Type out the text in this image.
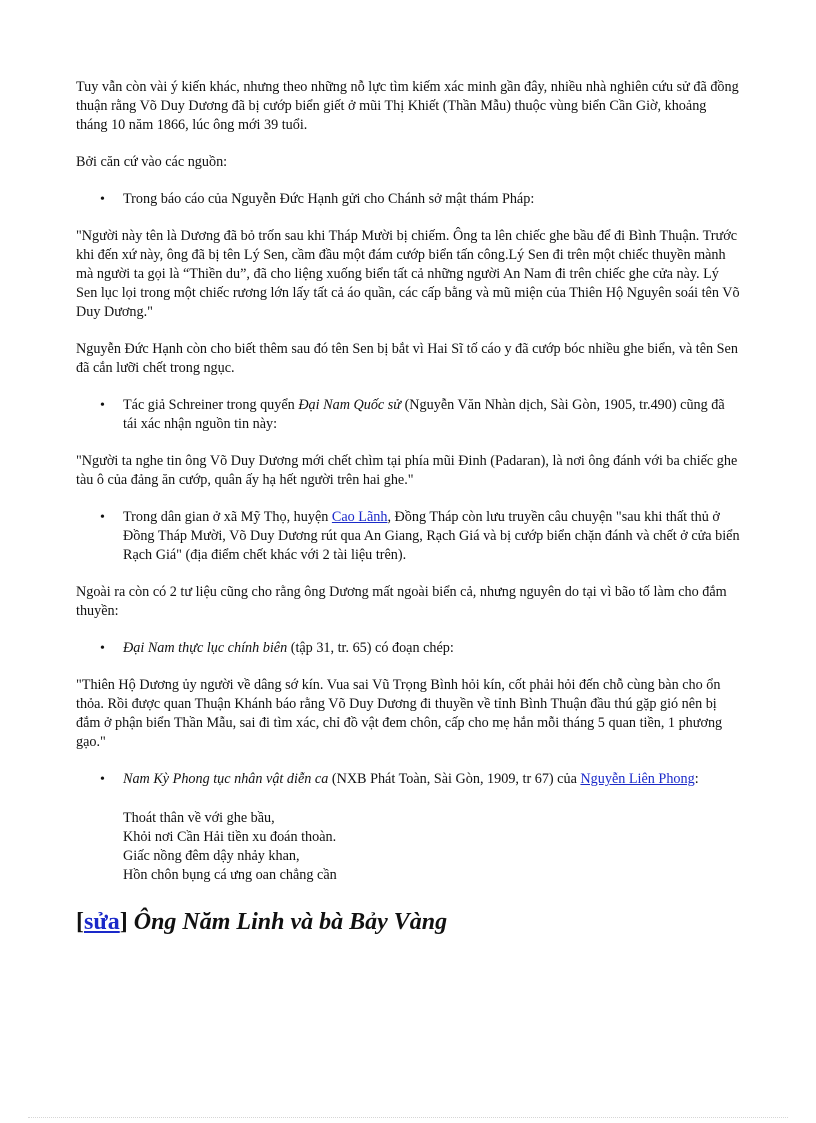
Tuy vẫn còn vài ý kiến khác, nhưng theo những nỗ lực tìm kiếm xác minh gần đây, nhiều nhà nghiên cứu sử đã đồng thuận rằng Võ Duy Dương đã bị cướp biển giết ở mũi Thị Khiết (Thần Mẫu) thuộc vùng biển Cần Giờ, khoảng tháng 10 năm 1866, lúc ông mới 39 tuổi.

Bởi căn cứ vào các nguồn:

• Trong báo cáo của Nguyễn Đức Hạnh gửi cho Chánh sở mật thám Pháp:

"Người này tên là Dương đã bỏ trốn sau khi Tháp Mười bị chiếm. Ông ta lên chiếc ghe bầu để đi Bình Thuận. Trước khi đến xứ này, ông đã bị tên Lý Sen, cầm đầu một đám cướp biển tấn công.Lý Sen đi trên một chiếc thuyền mành mà người ta gọi là “Thiền du”, đã cho liệng xuống biển tất cả những người An Nam đi trên chiếc ghe cửa này. Lý Sen lục lọi trong một chiếc rương lớn lấy tất cả áo quần, các cấp bằng và mũ miện của Thiên Hộ Nguyên soái tên Võ Duy Dương."

Nguyễn Đức Hạnh còn cho biết thêm sau đó tên Sen bị bắt vì Hai Sĩ tố cáo y đã cướp bóc nhiều ghe biển, và tên Sen đã cắn lưỡi chết trong ngục.

• Tác giả Schreiner trong quyển Đại Nam Quốc sử (Nguyễn Văn Nhàn dịch, Sài Gòn, 1905, tr.490) cũng đã tái xác nhận nguồn tin này:

"Người ta nghe tin ông Võ Duy Dương mới chết chìm tại phía mũi Đinh (Padaran), là nơi ông đánh với ba chiếc ghe tàu ô của đảng ăn cướp, quân ấy hạ hết người trên hai ghe."

• Trong dân gian ở xã Mỹ Thọ, huyện Cao Lãnh, Đồng Tháp còn lưu truyền câu chuyện "sau khi thất thủ ở Đồng Tháp Mười, Võ Duy Dương rút qua An Giang, Rạch Giá và bị cướp biển chặn đánh và chết ở cửa biển Rạch Giá" (địa điểm chết khác với 2 tài liệu trên).

Ngoài ra còn có 2 tư liệu cũng cho rằng ông Dương mất ngoài biển cả, nhưng nguyên do tại vì bão tố làm cho đắm thuyền:

• Đại Nam thực lục chính biên (tập 31, tr. 65) có đoạn chép:

"Thiên Hộ Dương ủy người về dâng sớ kín. Vua sai Vũ Trọng Bình hỏi kín, cốt phải hỏi đến chỗ cùng bàn cho ổn thỏa. Rồi được quan Thuận Khánh báo rằng Võ Duy Dương đi thuyền về tỉnh Bình Thuận đầu thú gặp gió nên bị đắm ở phận biển Thần Mẫu, sai đi tìm xác, chỉ đồ vật đem chôn, cấp cho mẹ hắn mỗi tháng 5 quan tiền, 1 phương gạo."

• Nam Kỳ Phong tục nhân vật diễn ca (NXB Phát Toàn, Sài Gòn, 1909, tr 67) của Nguyễn Liên Phong:
Thoát thân về với ghe bầu,
Khỏi nơi Cần Hải tiền xu đoán thoàn.
Giấc nồng đêm dậy nhảy khan,
Hồn chôn bụng cá ưng oan chẳng cần
[sửa] Ông Năm Linh và bà Bảy Vàng
